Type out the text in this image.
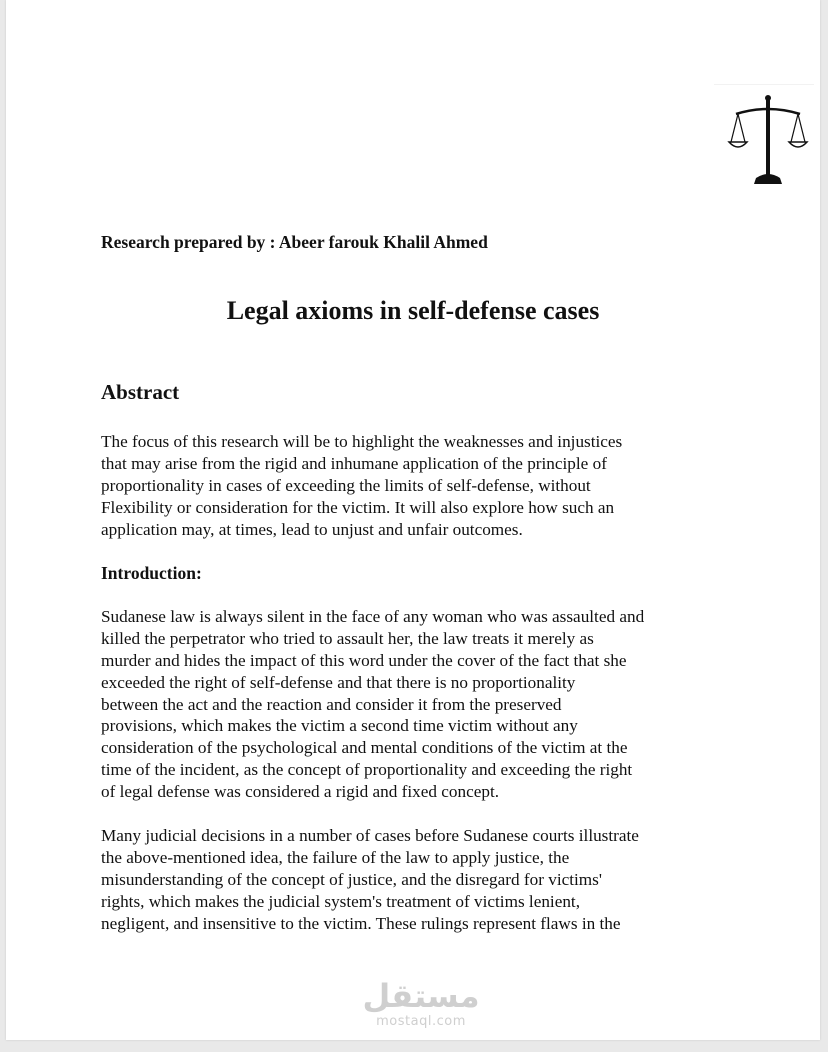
Research prepared by : Abeer farouk Khalil Ahmed
Legal axioms in self-defense cases
Abstract
The focus of this research will be to highlight the weaknesses and injustices
that may arise from the rigid and inhumane application of the principle of
proportionality in cases of exceeding the limits of self-defense, without
Flexibility or consideration for the victim. It will also explore how such an
application may, at times, lead to unjust and unfair outcomes.
Introduction:
Sudanese law is always silent in the face of any woman who was assaulted and
killed the perpetrator who tried to assault her, the law treats it merely as
murder and hides the impact of this word under the cover of the fact that she
exceeded the right of self-defense and that there is no proportionality
between the act and the reaction and consider it from the preserved
provisions, which makes the victim a second time victim without any
consideration of the psychological and mental conditions of the victim at the
time of the incident, as the concept of proportionality and exceeding the right
of legal defense was considered a rigid and fixed concept.
Many judicial decisions in a number of cases before Sudanese courts illustrate
the above-mentioned idea, the failure of the law to apply justice, the
misunderstanding of the concept of justice, and the disregard for victims'
rights, which makes the judicial system's treatment of victims lenient,
negligent, and insensitive to the victim. These rulings represent flaws in the
مستقل
mostaql.com
